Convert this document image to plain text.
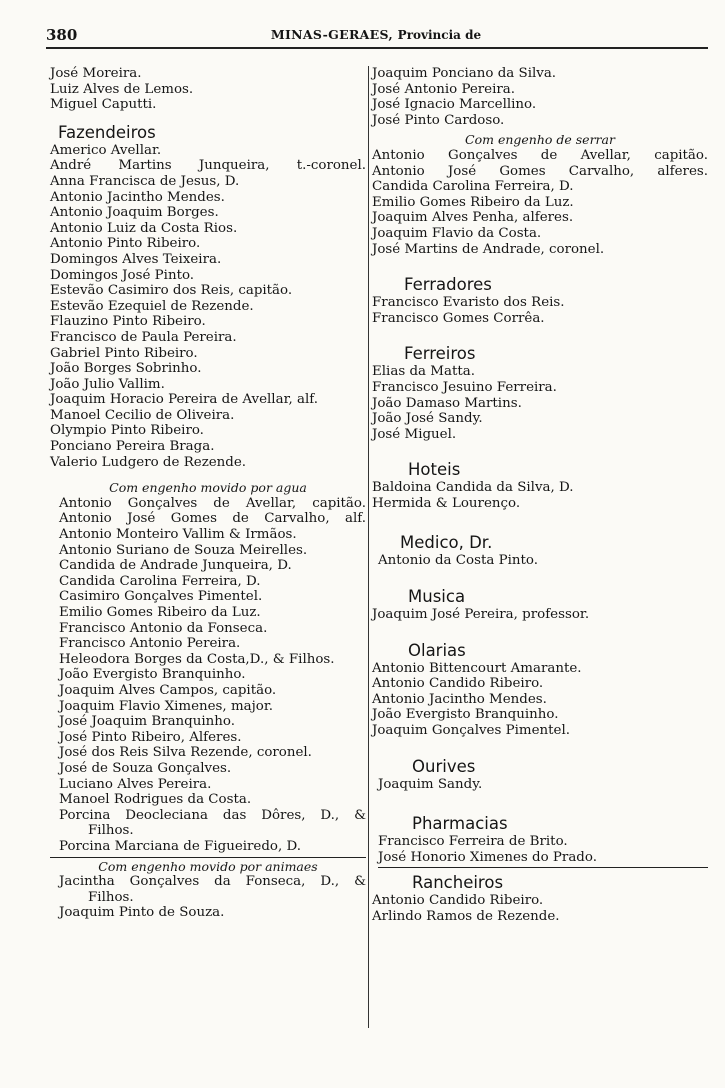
380	MINAS-GERAES, Provincia de
José Moreira.
Luiz Alves de Lemos.
Miguel Caputti.
Fazendeiros
Americo Avellar.
André Martins Junqueira, t.-coronel.
Anna Francisca de Jesus, D.
Antonio Jacintho Mendes.
Antonio Joaquim Borges.
Antonio Luiz da Costa Rios.
Antonio Pinto Ribeiro.
Domingos Alves Teixeira.
Domingos José Pinto.
Estevão Casimiro dos Reis, capitão.
Estevão Ezequiel de Rezende.
Flauzino Pinto Ribeiro.
Francisco de Paula Pereira.
Gabriel Pinto Ribeiro.
João Borges Sobrinho.
João Julio Vallim.
Joaquim Horacio Pereira de Avellar, alf.
Manoel Cecilio de Oliveira.
Olympio Pinto Ribeiro.
Ponciano Pereira Braga.
Valerio Ludgero de Rezende.
Com engenho movido por agua
Antonio Gonçalves de Avellar, capitão.
Antonio José Gomes de Carvalho, alf.
Antonio Monteiro Vallim & Irmãos.
Antonio Suriano de Souza Meirelles.
Candida de Andrade Junqueira, D.
Candida Carolina Ferreira, D.
Casimiro Gonçalves Pimentel.
Emilio Gomes Ribeiro da Luz.
Francisco Antonio da Fonseca.
Francisco Antonio Pereira.
Heleodora Borges da Costa,D., & Filhos.
João Evergisto Branquinho.
Joaquim Alves Campos, capitão.
Joaquim Flavio Ximenes, major.
José Joaquim Branquinho.
José Pinto Ribeiro, Alferes.
José dos Reis Silva Rezende, coronel.
José de Souza Gonçalves.
Luciano Alves Pereira.
Manoel Rodrigues da Costa.
Porcina Deocleciana das Dôres, D., &
Filhos.
Porcina Marciana de Figueiredo, D.
Com engenho movido por animaes
Jacintha Gonçalves da Fonseca, D., &
Filhos.
Joaquim Pinto de Souza.
Joaquim Ponciano da Silva.
José Antonio Pereira.
José Ignacio Marcellino.
José Pinto Cardoso.
Com engenho de serrar
Antonio Gonçalves de Avellar, capitão.
Antonio José Gomes Carvalho, alferes.
Candida Carolina Ferreira, D.
Emilio Gomes Ribeiro da Luz.
Joaquim Alves Penha, alferes.
Joaquim Flavio da Costa.
José Martins de Andrade, coronel.
Ferradores
Francisco Evaristo dos Reis.
Francisco Gomes Corrêa.
Ferreiros
Elias da Matta.
Francisco Jesuino Ferreira.
João Damaso Martins.
João José Sandy.
José Miguel.
Hoteis
Baldoina Candida da Silva, D.
Hermida & Lourenço.
Medico, Dr.
Antonio da Costa Pinto.
Musica
Joaquim José Pereira, professor.
Olarias
Antonio Bittencourt Amarante.
Antonio Candido Ribeiro.
Antonio Jacintho Mendes.
João Evergisto Branquinho.
Joaquim Gonçalves Pimentel.
Ourives
Joaquim Sandy.
Pharmacias
Francisco Ferreira de Brito.
José Honorio Ximenes do Prado.
Rancheiros
Antonio Candido Ribeiro.
Arlindo Ramos de Rezende.
